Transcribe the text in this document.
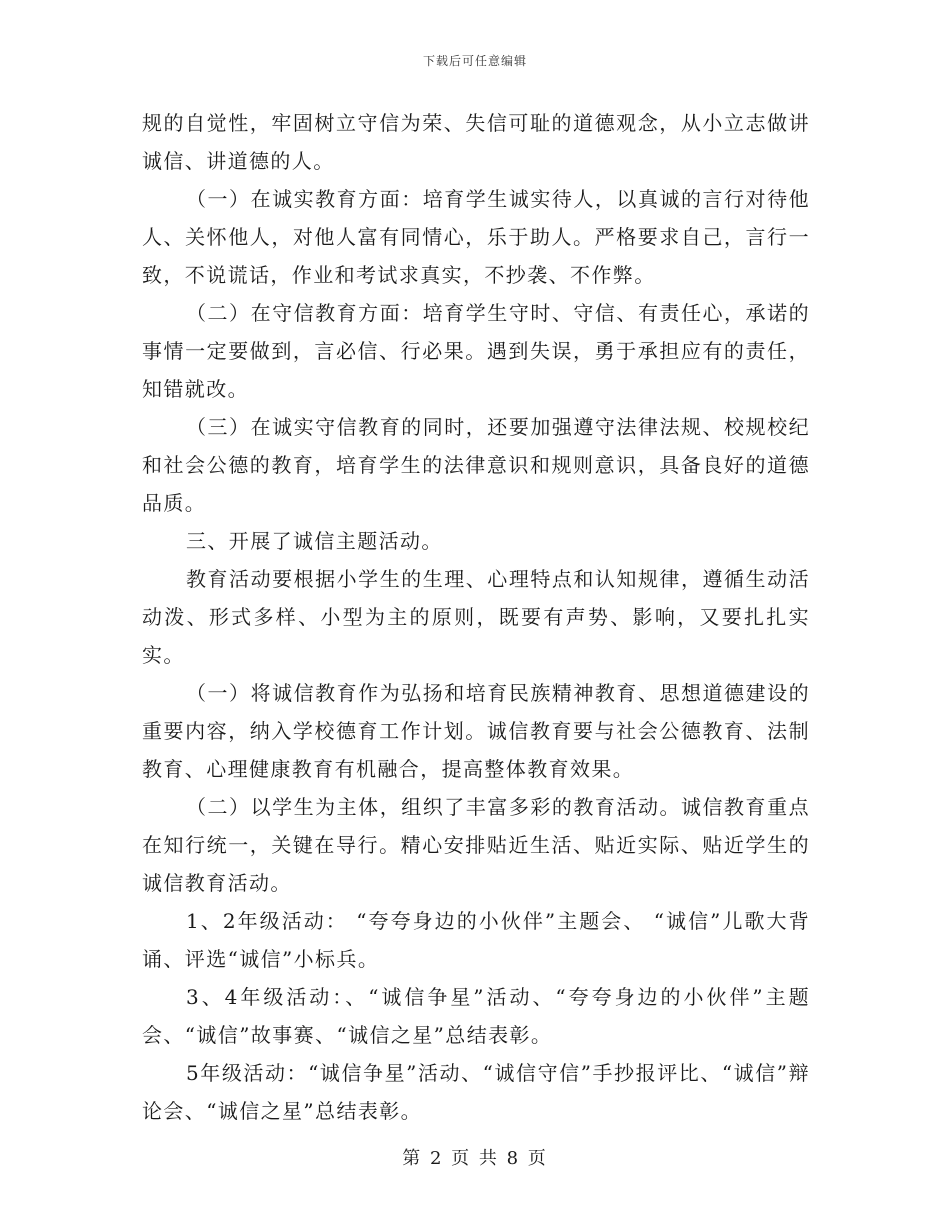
下载后可任意编辑

规的自觉性，牢固树立守信为荣、失信可耻的道德观念，从小立志做讲诚信、讲道德的人。

（一）在诚实教育方面：培育学生诚实待人，以真诚的言行对待他人、关怀他人，对他人富有同情心，乐于助人。严格要求自己，言行一致，不说谎话，作业和考试求真实，不抄袭、不作弊。

（二）在守信教育方面：培育学生守时、守信、有责任心，承诺的事情一定要做到，言必信、行必果。遇到失误，勇于承担应有的责任，知错就改。

（三）在诚实守信教育的同时，还要加强遵守法律法规、校规校纪和社会公德的教育，培育学生的法律意识和规则意识，具备良好的道德品质。

三、开展了诚信主题活动。

教育活动要根据小学生的生理、心理特点和认知规律，遵循生动活动泼、形式多样、小型为主的原则，既要有声势、影响，又要扎扎实实。

（一）将诚信教育作为弘扬和培育民族精神教育、思想道德建设的重要内容，纳入学校德育工作计划。诚信教育要与社会公德教育、法制教育、心理健康教育有机融合，提高整体教育效果。

（二）以学生为主体，组织了丰富多彩的教育活动。诚信教育重点在知行统一，关键在导行。精心安排贴近生活、贴近实际、贴近学生的诚信教育活动。

1、2年级活动： “夸夸身边的小伙伴”主题会、 “诚信”儿歌大背诵、评选“诚信”小标兵。

3、4年级活动：、“诚信争星”活动、“夸夸身边的小伙伴”主题会、“诚信”故事赛、“诚信之星”总结表彰。

5年级活动：“诚信争星”活动、“诚信守信”手抄报评比、“诚信”辩论会、“诚信之星”总结表彰。

第 2 页 共 8 页
